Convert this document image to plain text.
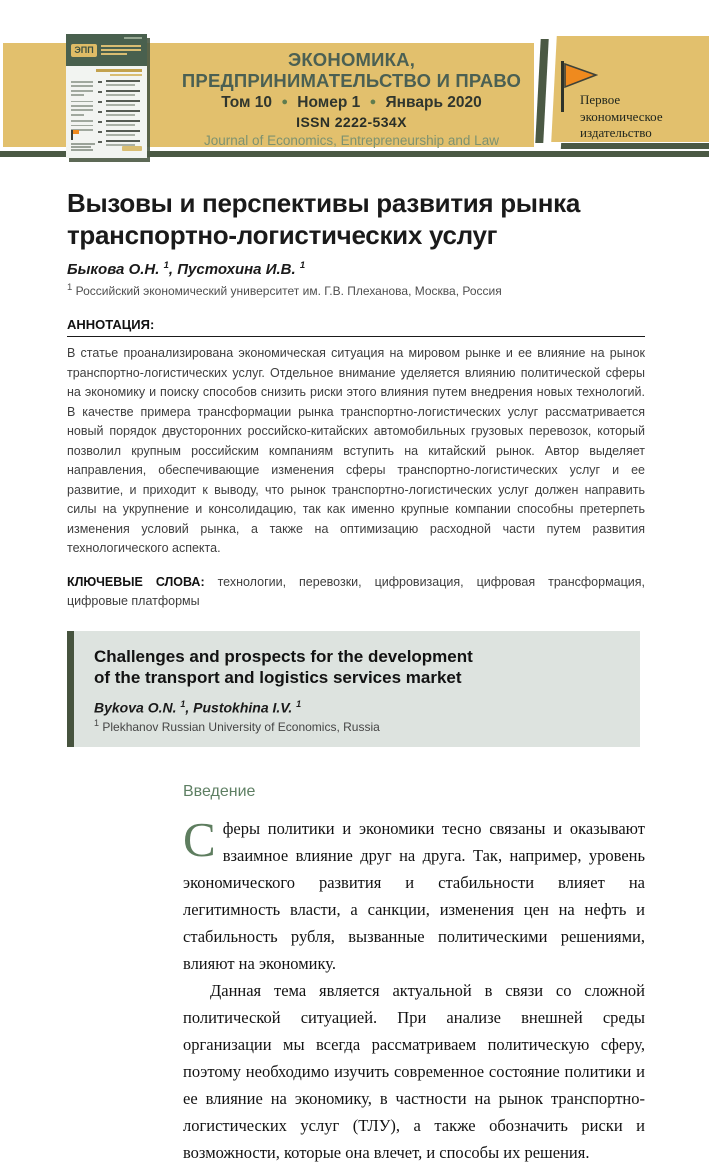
ЭКОНОМИКА,
ПРЕДПРИНИМАТЕЛЬСТВО И ПРАВО
Том 10 ● Номер 1 ● Январь 2020
ISSN 2222-534X
Journal of Economics, Entrepreneurship and Law
Первое
экономическое
издательство
ЭПП
Вызовы и перспективы развития рынка транспортно-логистических услуг
Быкова О.Н. $^1$, Пустохина И.В. $^1$
$^1$ Российский экономический университет им. Г.В. Плеханова, Москва, Россия
АННОТАЦИЯ:
В статье проанализирована экономическая ситуация на мировом рынке и ее влияние на рынок транспортно-логистических услуг. Отдельное внимание уделяется влиянию политической сферы на экономику и поиску способов снизить риски этого влияния путем внедрения новых технологий. В качестве примера трансформации рынка транспортно-логистических услуг рассматривается новый порядок двусторонних российско-китайских автомобильных грузовых перевозок, который позволил крупным российским компаниям вступить на китайский рынок. Автор выделяет направления, обеспечивающие изменения сферы транспортно-логистических услуг и ее развитие, и приходит к выводу, что рынок транспортно-логистических услуг должен направить силы на укрупнение и консолидацию, так как именно крупные компании способны претерпеть изменения условий рынка, а также на оптимизацию расходной части путем развития технологического аспекта.
КЛЮЧЕВЫЕ СЛОВА: технологии, перевозки, цифровизация, цифровая трансформация, цифровые платформы
Challenges and prospects for the development
of the transport and logistics services market
Bykova O.N. $^1$, Pustokhina I.V. $^1$
$^1$ Plekhanov Russian University of Economics, Russia
Введение

Сферы политики и экономики тесно связаны и оказывают взаимное влияние друг на друга. Так, например, уровень экономического развития и стабильности влияет на легитимность власти, а санкции, изменения цен на нефть и стабильность рубля, вызванные политическими решениями, влияют на экономику.

Данная тема является актуальной в связи со сложной политической ситуацией. При анализе внешней среды организации мы всегда рассматриваем политическую сферу, поэтому необходимо изучить современное состояние политики и ее влияние на экономику, в частности на рынок транспортно-логистических услуг (ТЛУ), а также обозначить риски и возможности, которые она влечет, и способы их решения.
